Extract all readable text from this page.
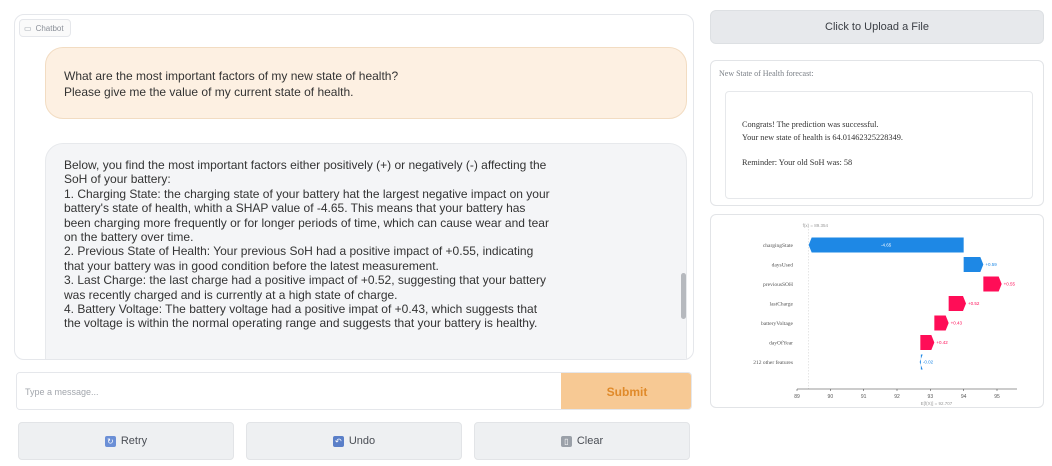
▭ Chatbot

What are the most important factors of my new state of health?

Please give me the value of my current state of health.

Below, you find the most important factors either positively (+) or negatively (-) affecting the

SoH of your battery:

1. Charging State: the charging state of your battery hat the largest negative impact on your

battery's state of health, whith a SHAP value of -4.65. This means that your battery has

been charging more frequently or for longer periods of time, which can cause wear and tear

on the battery over time.

2. Previous State of Health: Your previous SoH had a positive impact of +0.55, indicating

that your battery was in good condition before the latest measurement.

3. Last Charge: the last charge had a positive impact of +0.52, suggesting that your battery

was recently charged and is currently at a high state of charge.

4. Battery Voltage: The battery voltage had a positive impat of +0.43, which suggests that

the voltage is within the normal operating range and suggests that your battery is healthy.

Type a message...
Submit
↻ Retry	↶ Undo	▯ Clear
Click to Upload a File
New State of Health forecast:

Congrats! The prediction was successful.

Your new state of health is 64.01462325228349.

Reminder: Your old SoH was: 58

f(x) = 89.354
chargingState	-4.65
daysUsed	+0.59
previousSOH	+0.55
lastCharge	+0.52
batteryVoltage	+0.43
dayOfYear	+0.42
212 other features	-0.02
89	90	91	92	93	94	95
E[f(X)] = 92.707
